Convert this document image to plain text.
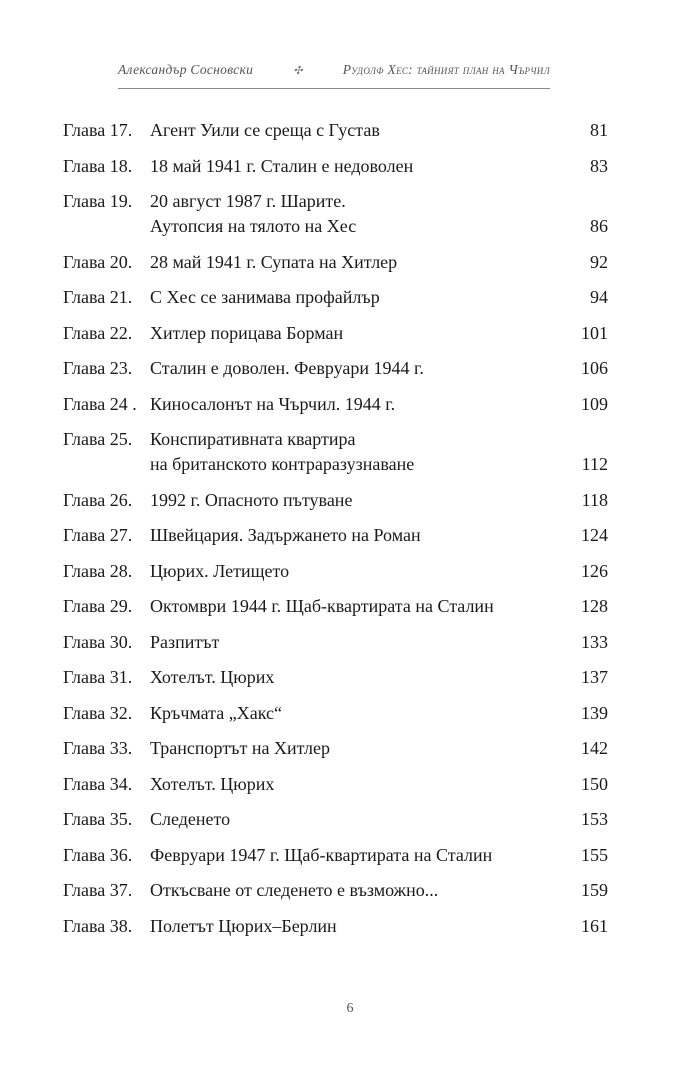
Александър Сосновски	✣	Рудолф Хес: тайният план на Чърчил
Глава 17. Агент Уили се среща с Густав	81
Глава 18. 18 май 1941 г. Сталин е недоволен	83
Глава 19. 20 август 1987 г. Шарите.
Аутопсия на тялото на Хес	86
Глава 20. 28 май 1941 г. Супата на Хитлер	92
Глава 21. С Хес се занимава профайлър	94
Глава 22. Хитлер порицава Борман	101
Глава 23. Сталин е доволен. Февруари 1944 г.	106
Глава 24 . Киносалонът на Чърчил. 1944 г.	109
Глава 25. Конспиративната квартира
на британското контраразузнаване	112
Глава 26. 1992 г. Опасното пътуване	118
Глава 27. Швейцария. Задържането на Роман	124
Глава 28. Цюрих. Летището	126
Глава 29. Октомври 1944 г. Щаб-квартирата на Сталин	128
Глава 30. Разпитът	133
Глава 31. Хотелът. Цюрих	137
Глава 32. Кръчмата „Хакс“	139
Глава 33. Транспортът на Хитлер	142
Глава 34. Хотелът. Цюрих	150
Глава 35. Следенето	153
Глава 36. Февруари 1947 г. Щаб-квартирата на Сталин	155
Глава 37. Откъсване от следенето е възможно...	159
Глава 38. Полетът Цюрих–Берлин	161
6
